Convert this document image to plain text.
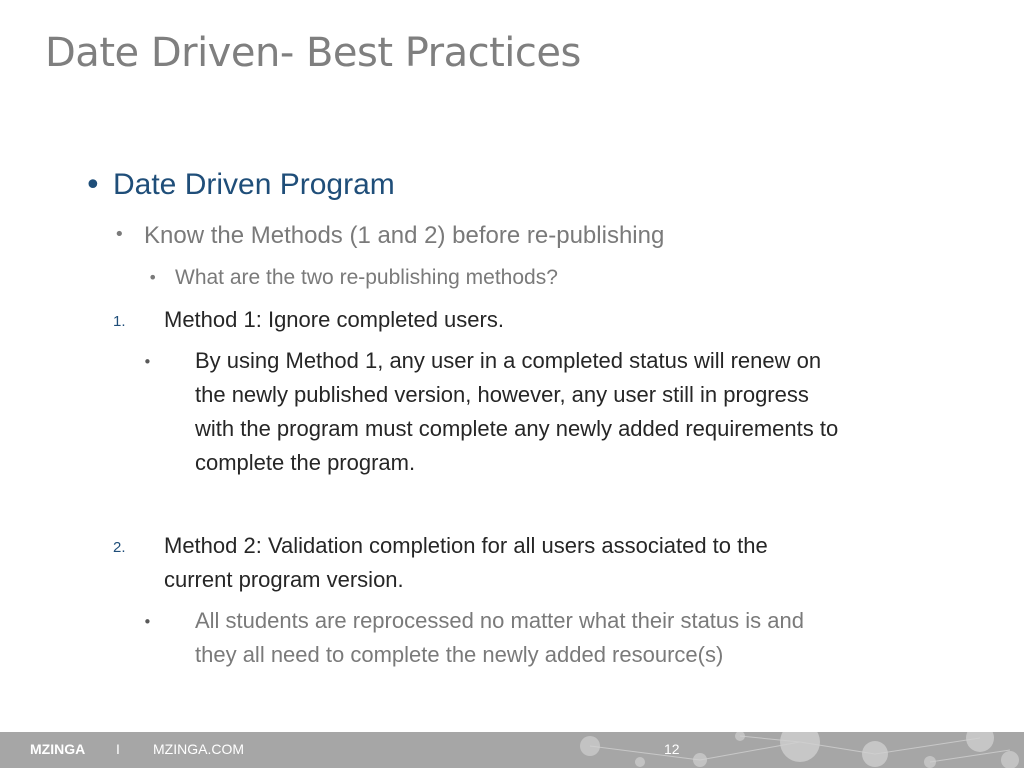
Date Driven- Best Practices
• Date Driven Program
• Know the Methods (1 and 2) before re-publishing
• What are the two re-publishing methods?
1. Method 1: Ignore completed users.
• By using Method 1, any user in a completed status will renew on
the newly published version, however, any user still in progress
with the program must complete any newly added requirements to
complete the program.
2. Method 2: Validation completion for all users associated to the
current program version.
• All students are reprocessed no matter what their status is and
they all need to complete the newly added resource(s)
MZINGA I MZINGA.COM	12
